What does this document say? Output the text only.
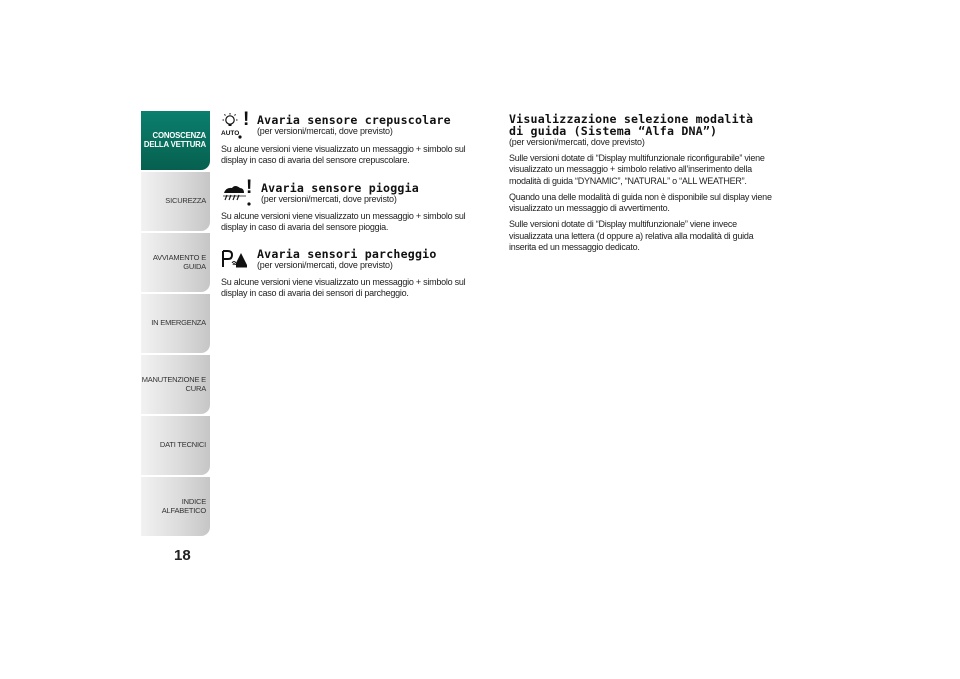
CONOSCENZA
DELLA VETTURA
SICUREZZA
AVVIAMENTO E
GUIDA
IN EMERGENZA
MANUTENZIONE E
CURA
DATI TECNICI
INDICE ALFABETICO
18
AUTO
! Avaria sensore crepuscolare
(per versioni/mercati, dove previsto)

Su alcune versioni viene visualizzato un messaggio + simbolo sul display in caso di avaria del sensore crepuscolare.

! Avaria sensore pioggia
(per versioni/mercati, dove previsto)

Su alcune versioni viene visualizzato un messaggio + simbolo sul display in caso di avaria del sensore pioggia.

Avaria sensori parcheggio
(per versioni/mercati, dove previsto)

Su alcune versioni viene visualizzato un messaggio + simbolo sul display in caso di avaria dei sensori di parcheggio.

Visualizzazione selezione modalità
di guida (Sistema “Alfa DNA”)
(per versioni/mercati, dove previsto)

Sulle versioni dotate di “Display multifunzionale riconfigurabile” viene visualizzato un messaggio + simbolo relativo all’inserimento della modalità di guida “DYNAMIC”, “NATURAL” o “ALL WEATHER”.

Quando una delle modalità di guida non è disponibile sul display viene visualizzato un messaggio di avvertimento.

Sulle versioni dotate di “Display multifunzionale” viene invece visualizzata una lettera (d oppure a) relativa alla modalità di guida inserita ed un messaggio dedicato.
